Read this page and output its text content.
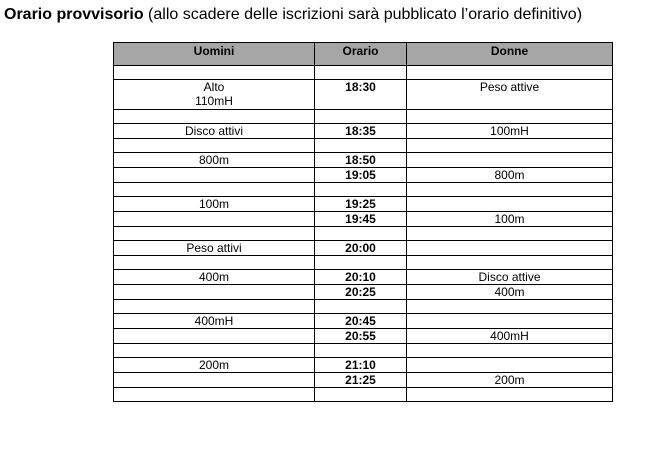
Orario provvisorio (allo scadere delle iscrizioni sarà pubblicato l’orario definitivo)
Uomini	Orario	Donne

Alto
110mH	18:30	Peso attive

Disco attivi	18:35	100mH

800m	18:50	
	19:05	800m

100m	19:25	
	19:45	100m

Peso attivi	20:00	

400m	20:10	Disco attive
	20:25	400m

400mH	20:45	
	20:55	400mH

200m	21:10	
	21:25	200m
